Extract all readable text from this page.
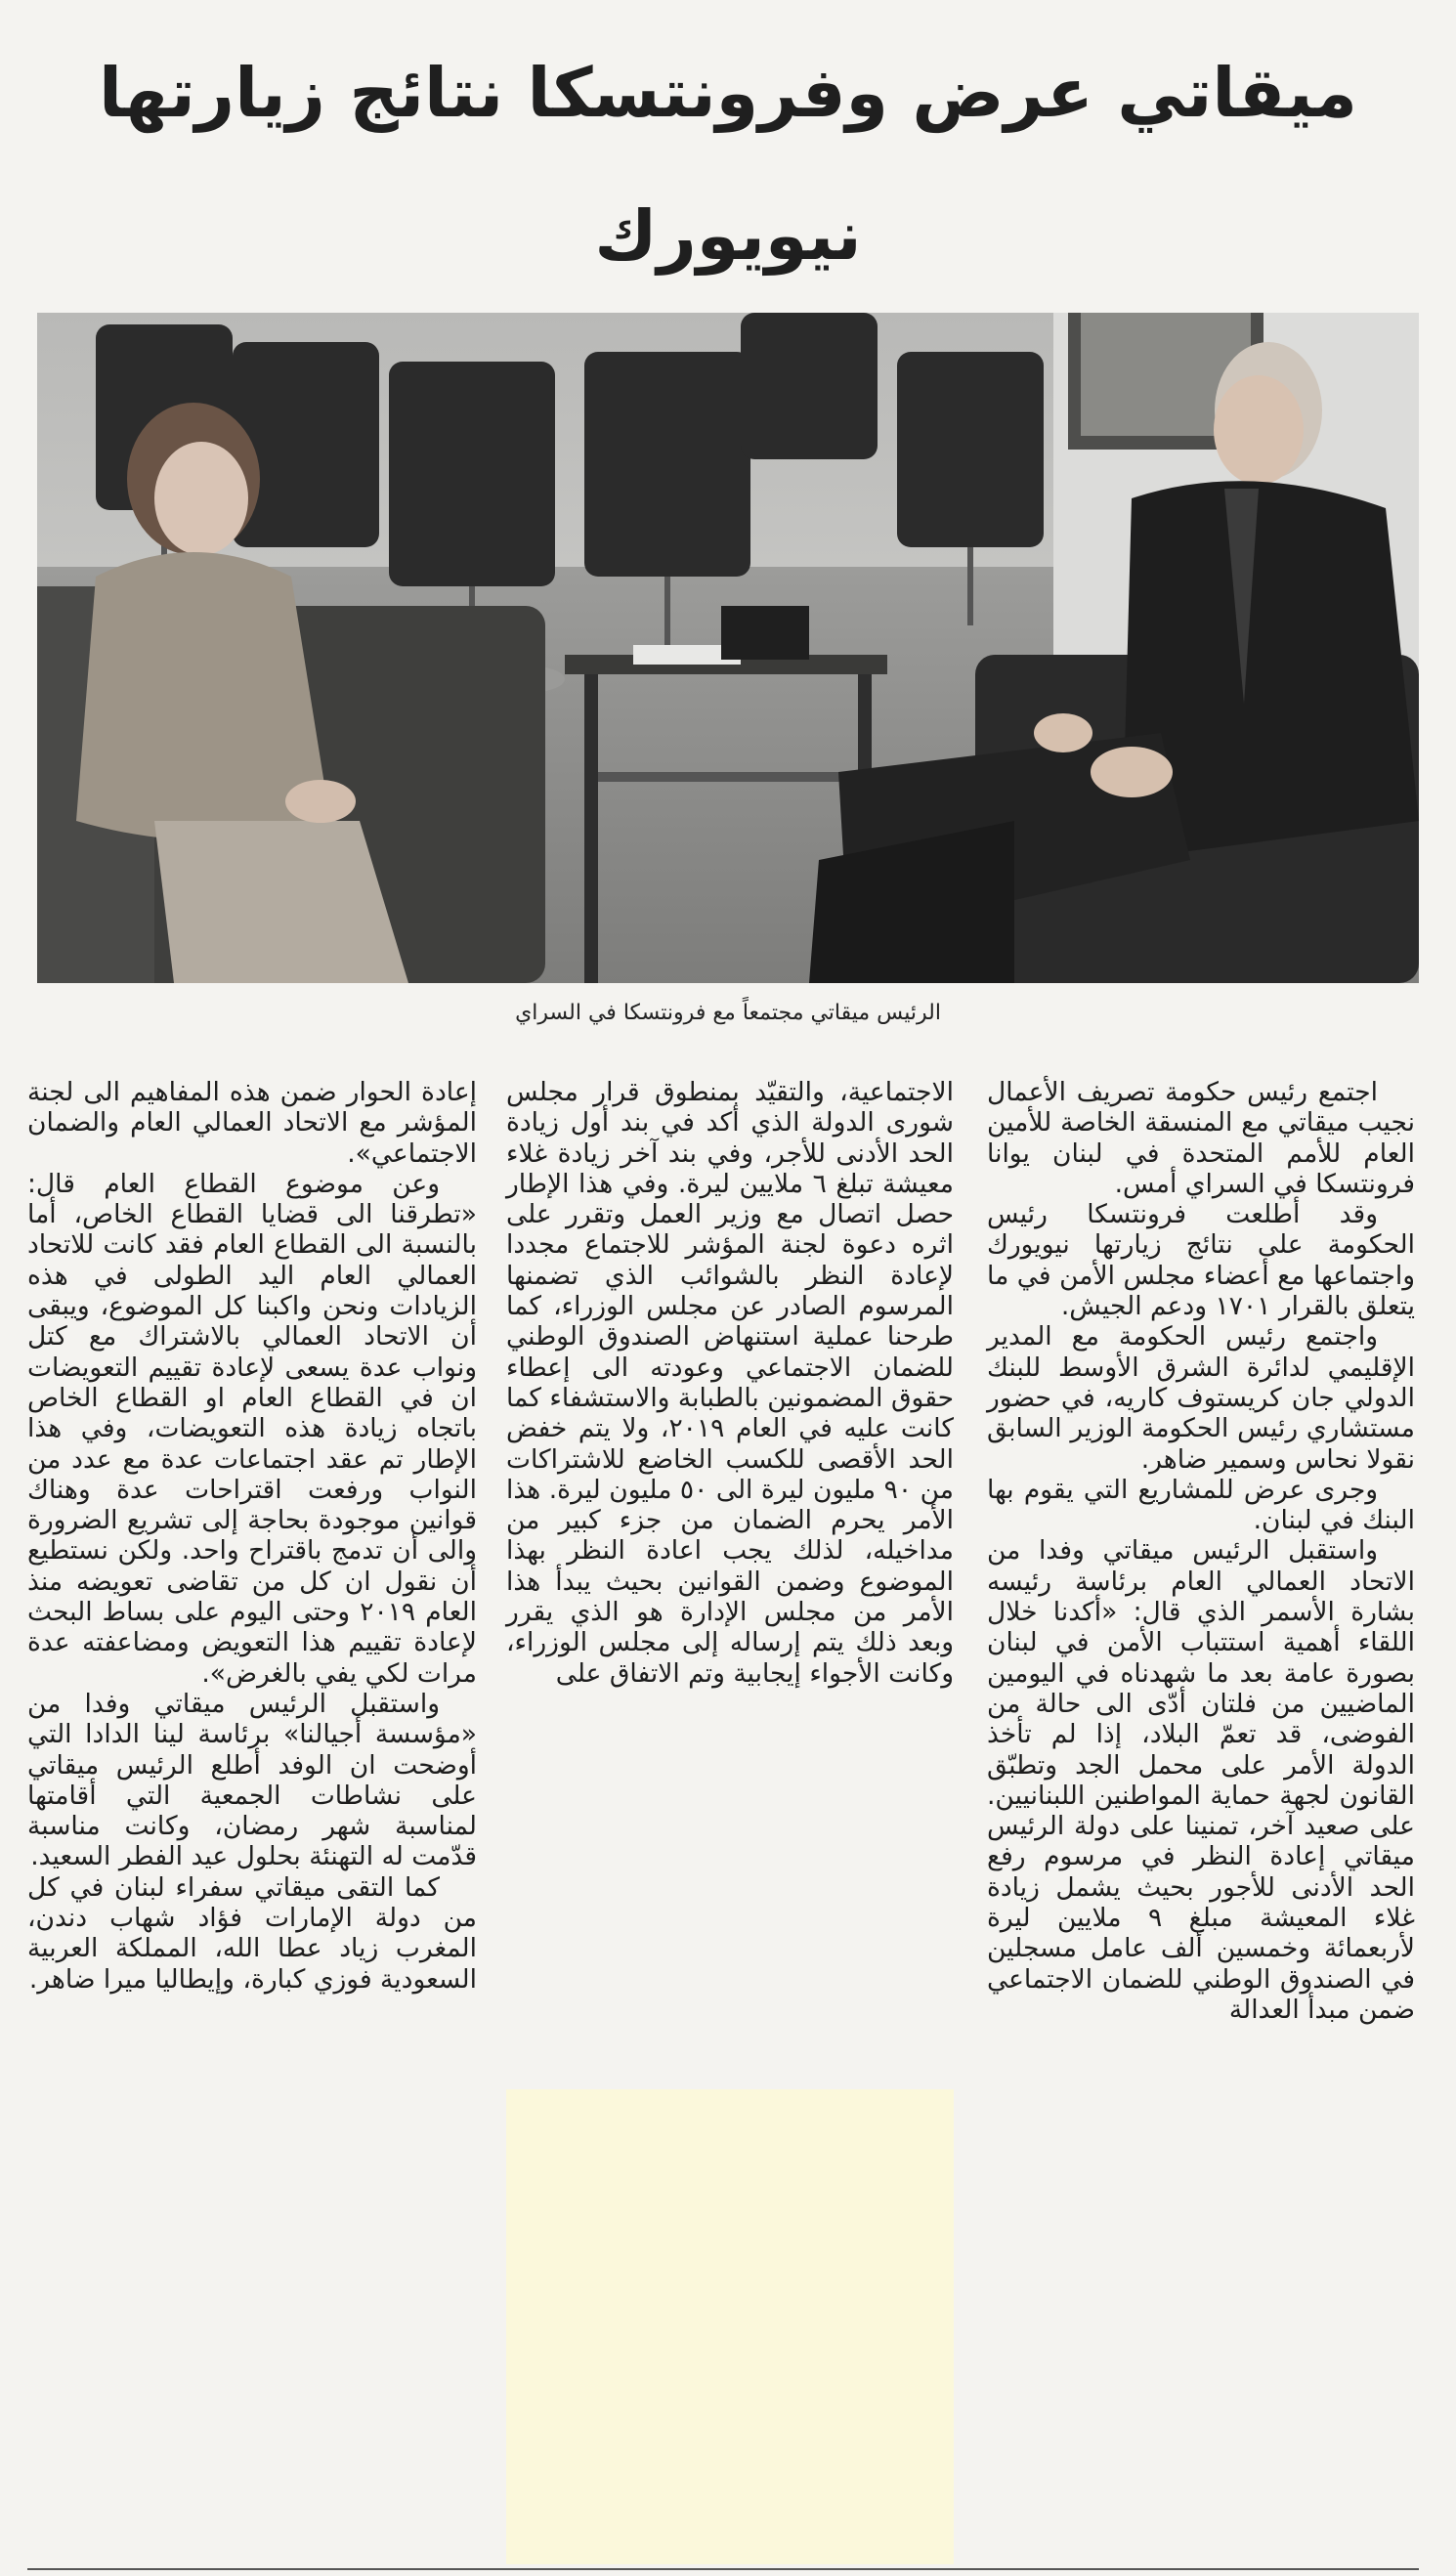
ميقاتي عرض وفرونتسكا نتائج زيارتها نيويورك
الرئيس ميقاتي مجتمعاً مع فرونتسكا في السراي

اجتمع رئيس حكومة تصريف الأعمال نجيب ميقاتي مع المنسقة الخاصة للأمين العام للأمم المتحدة في لبنان يوانا فرونتسكا في السراي أمس.

وقد أطلعت فرونتسكا رئيس الحكومة على نتائج زيارتها نيويورك واجتماعها مع أعضاء مجلس الأمن في ما يتعلق بالقرار ١٧٠١ ودعم الجيش.

واجتمع رئيس الحكومة مع المدير الإقليمي لدائرة الشرق الأوسط للبنك الدولي جان كريستوف كاريه، في حضور مستشاري رئيس الحكومة الوزير السابق نقولا نحاس وسمير ضاهر.

وجرى عرض للمشاريع التي يقوم بها البنك في لبنان.

واستقبل الرئيس ميقاتي وفدا من الاتحاد العمالي العام برئاسة رئيسه بشارة الأسمر الذي قال: «أكدنا خلال اللقاء أهمية استتباب الأمن في لبنان بصورة عامة بعد ما شهدناه في اليومين الماضيين من فلتان أدّى الى حالة من الفوضى، قد تعمّ البلاد، إذا لم تأخذ الدولة الأمر على محمل الجد وتطبّق القانون لجهة حماية المواطنين اللبنانيين. على صعيد آخر، تمنينا على دولة الرئيس ميقاتي إعادة النظر في مرسوم رفع الحد الأدنى للأجور بحيث يشمل زيادة غلاء المعيشة مبلغ ٩ ملايين ليرة لأربعمائة وخمسين ألف عامل مسجلين في الصندوق الوطني للضمان الاجتماعي ضمن مبدأ العدالة

الاجتماعية، والتقيّد بمنطوق قرار مجلس شورى الدولة الذي أكد في بند أول زيادة الحد الأدنى للأجر، وفي بند آخر زيادة غلاء معيشة تبلغ ٦ ملايين ليرة. وفي هذا الإطار حصل اتصال مع وزير العمل وتقرر على اثره دعوة لجنة المؤشر للاجتماع مجددا لإعادة النظر بالشوائب الذي تضمنها المرسوم الصادر عن مجلس الوزراء، كما طرحنا عملية استنهاض الصندوق الوطني للضمان الاجتماعي وعودته الى إعطاء حقوق المضمونين بالطبابة والاستشفاء كما كانت عليه في العام ٢٠١٩، ولا يتم خفض الحد الأقصى للكسب الخاضع للاشتراكات من ٩٠ مليون ليرة الى ٥٠ مليون ليرة. هذا الأمر يحرم الضمان من جزء كبير من مداخيله، لذلك يجب اعادة النظر بهذا الموضوع وضمن القوانين بحيث يبدأ هذا الأمر من مجلس الإدارة هو الذي يقرر وبعد ذلك يتم إرساله إلى مجلس الوزراء، وكانت الأجواء إيجابية وتم الاتفاق على

إعادة الحوار ضمن هذه المفاهيم الى لجنة المؤشر مع الاتحاد العمالي العام والضمان الاجتماعي».

وعن موضوع القطاع العام قال: «تطرقنا الى قضايا القطاع الخاص، أما بالنسبة الى القطاع العام فقد كانت للاتحاد العمالي العام اليد الطولى في هذه الزيادات ونحن واكبنا كل الموضوع، ويبقى أن الاتحاد العمالي بالاشتراك مع كتل ونواب عدة يسعى لإعادة تقييم التعويضات ان في القطاع العام او القطاع الخاص باتجاه زيادة هذه التعويضات، وفي هذا الإطار تم عقد اجتماعات عدة مع عدد من النواب ورفعت اقتراحات عدة وهناك قوانين موجودة بحاجة إلى تشريع الضرورة والى أن تدمج باقتراح واحد. ولكن نستطيع أن نقول ان كل من تقاضى تعويضه منذ العام ٢٠١٩ وحتى اليوم على بساط البحث لإعادة تقييم هذا التعويض ومضاعفته عدة مرات لكي يفي بالغرض».

واستقبل الرئيس ميقاتي وفدا من «مؤسسة أجيالنا» برئاسة لينا الدادا التي أوضحت ان الوفد أطلع الرئيس ميقاتي على نشاطات الجمعية التي أقامتها لمناسبة شهر رمضان، وكانت مناسبة قدّمت له التهنئة بحلول عيد الفطر السعيد.

كما التقى ميقاتي سفراء لبنان في كل من دولة الإمارات فؤاد شهاب دندن، المغرب زياد عطا الله، المملكة العربية السعودية فوزي كبارة، وإيطاليا ميرا ضاهر.
